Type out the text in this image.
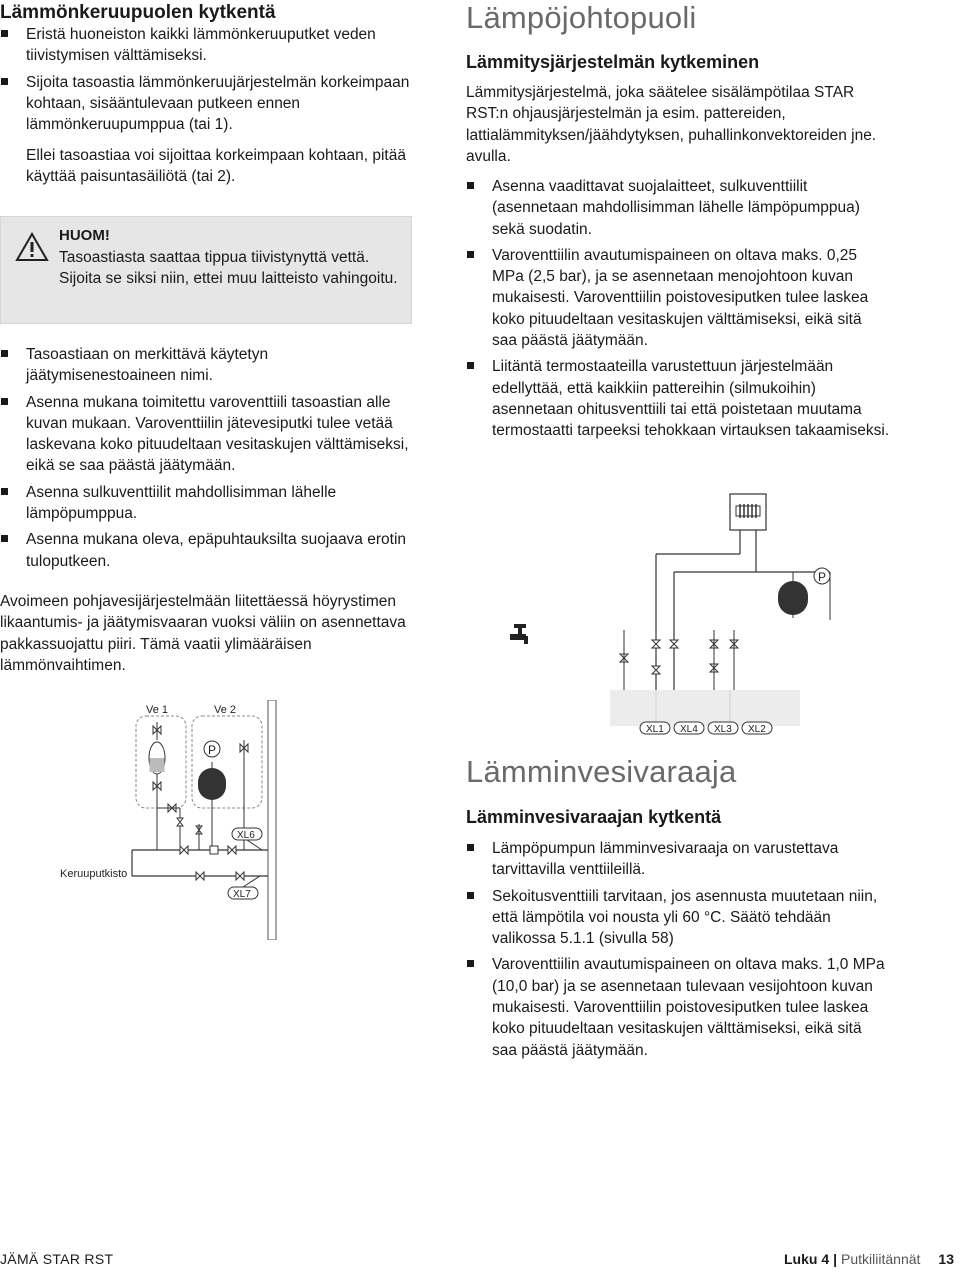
Lämmönkeruupuolen kytkentä
Eristä huoneiston kaikki lämmönkeruuputket veden tiivistymisen välttämiseksi.
Sijoita tasoastia lämmönkeruujärjestelmän korkeimpaan kohtaan, sisääntulevaan putkeen ennen lämmönkeruupumppua (tai 1).

Ellei tasoastiaa voi sijoittaa korkeimpaan kohtaan, pitää käyttää paisuntasäiliötä (tai 2).

HUOM!
Tasoastiasta saattaa tippua tiivistynyttä vettä. Sijoita se siksi niin, ettei muu laitteisto vahingoitu.
Tasoastiaan on merkittävä käytetyn jäätymisenestoaineen nimi.
Asenna mukana toimitettu varoventtiili tasoastian alle kuvan mukaan. Varoventtiilin jätevesiputki tulee vetää laskevana koko pituudeltaan vesitaskujen välttämiseksi, eikä se saa päästä jäätymään.
Asenna sulkuventtiilit mahdollisimman lähelle lämpöpumppua.
Asenna mukana oleva, epäpuhtauksilta suojaava erotin tuloputkeen.

Avoimeen pohjavesijärjestelmään liitettäessä höyrystimen likaantumis- ja jäätymisvaaran vuoksi väliin on asennettava pakkassuojattu piiri. Tämä vaatii ylimääräisen lämmönvaihtimen.

Ve 1	Ve 2
P
XL6
XL7
Keruuputkisto
Lämpöjohtopuoli
Lämmitysjärjestelmän kytkeminen

Lämmitysjärjestelmä, joka säätelee sisälämpötilaa STAR RST:n ohjausjärjestelmän ja esim. pattereiden, lattialämmityksen/jäähdytyksen, puhallinkonvektoreiden jne. avulla.

Asenna vaadittavat suojalaitteet, sulkuventtiilit (asennetaan mahdollisimman lähelle lämpöpumppua) sekä suodatin.
Varoventtiilin avautumispaineen on oltava maks. 0,25 MPa (2,5 bar), ja se asennetaan menojohtoon kuvan mukaisesti. Varoventtiilin poistovesiputken tulee laskea koko pituudeltaan vesitaskujen välttämiseksi, eikä sitä saa päästä jäätymään.
Liitäntä termostaateilla varustettuun järjestelmään edellyttää, että kaikkiin pattereihin (silmukoihin) asennetaan ohitusventtiili tai että poistetaan muutama termostaatti tarpeeksi tehokkaan virtauksen takaamiseksi.
P
XL1 XL4 XL3 XL2
Lämminvesivaraaja
Lämminvesivaraajan kytkentä
Lämpöpumpun lämminvesivaraaja on varustettava tarvittavilla venttiileillä.
Sekoitusventtiili tarvitaan, jos asennusta muutetaan niin, että lämpötila voi nousta yli 60 °C. Säätö tehdään valikossa 5.1.1 (sivulla 58)
Varoventtiilin avautumispaineen on oltava maks. 1,0 MPa (10,0 bar) ja se asennetaan tulevaan vesijohtoon kuvan mukaisesti. Varoventtiilin poistovesiputken tulee laskea koko pituudeltaan vesitaskujen välttämiseksi, eikä sitä saa päästä jäätymään.
JÄMÄ STAR RST	Luku 4 | Putkiliitännät 13
